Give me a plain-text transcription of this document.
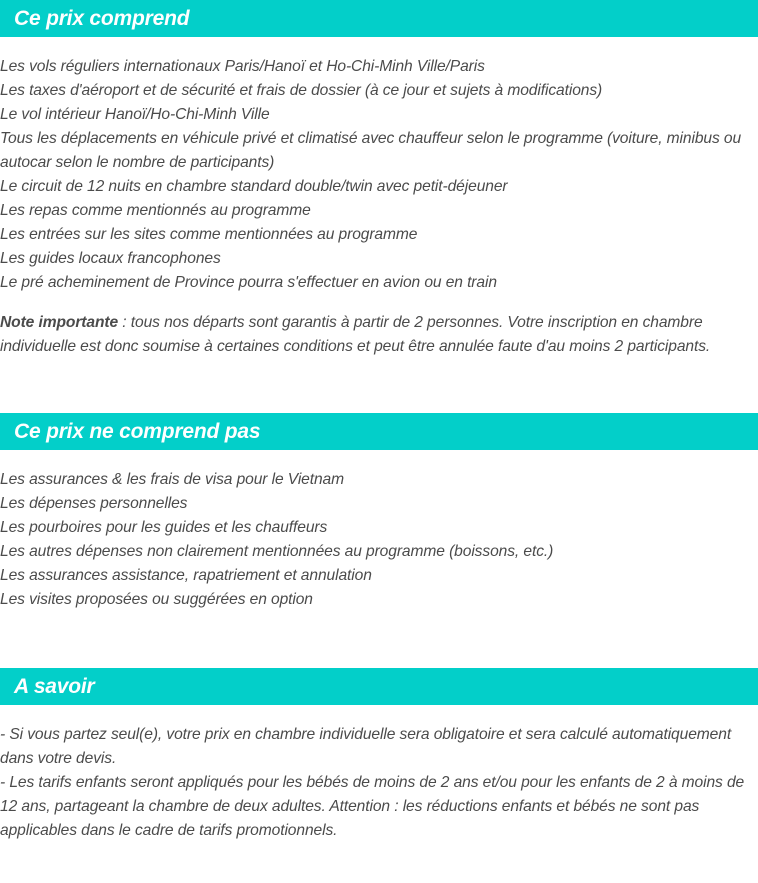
Ce prix comprend
Les vols réguliers internationaux Paris/Hanoï et Ho-Chi-Minh Ville/Paris
Les taxes d'aéroport et de sécurité et frais de dossier (à ce jour et sujets à modifications)
Le vol intérieur Hanoï/Ho-Chi-Minh Ville
Tous les déplacements en véhicule privé et climatisé avec chauffeur selon le programme (voiture, minibus ou autocar selon le nombre de participants)
Le circuit de 12 nuits en chambre standard double/twin avec petit-déjeuner
Les repas comme mentionnés au programme
Les entrées sur les sites comme mentionnées au programme
Les guides locaux francophones
Le pré acheminement de Province pourra s'effectuer en avion ou en train
Note importante : tous nos départs sont garantis à partir de 2 personnes. Votre inscription en chambre individuelle est donc soumise à certaines conditions et peut être annulée faute d'au moins 2 participants.
Ce prix ne comprend pas
Les assurances & les frais de visa pour le Vietnam
Les dépenses personnelles
Les pourboires pour les guides et les chauffeurs
Les autres dépenses non clairement mentionnées au programme (boissons, etc.)
Les assurances assistance, rapatriement et annulation
Les visites proposées ou suggérées en option
A savoir
- Si vous partez seul(e), votre prix en chambre individuelle sera obligatoire et sera calculé automatiquement dans votre devis.
- Les tarifs enfants seront appliqués pour les bébés de moins de 2 ans et/ou pour les enfants de 2 à moins de 12 ans, partageant la chambre de deux adultes. Attention : les réductions enfants et bébés ne sont pas applicables dans le cadre de tarifs promotionnels.
